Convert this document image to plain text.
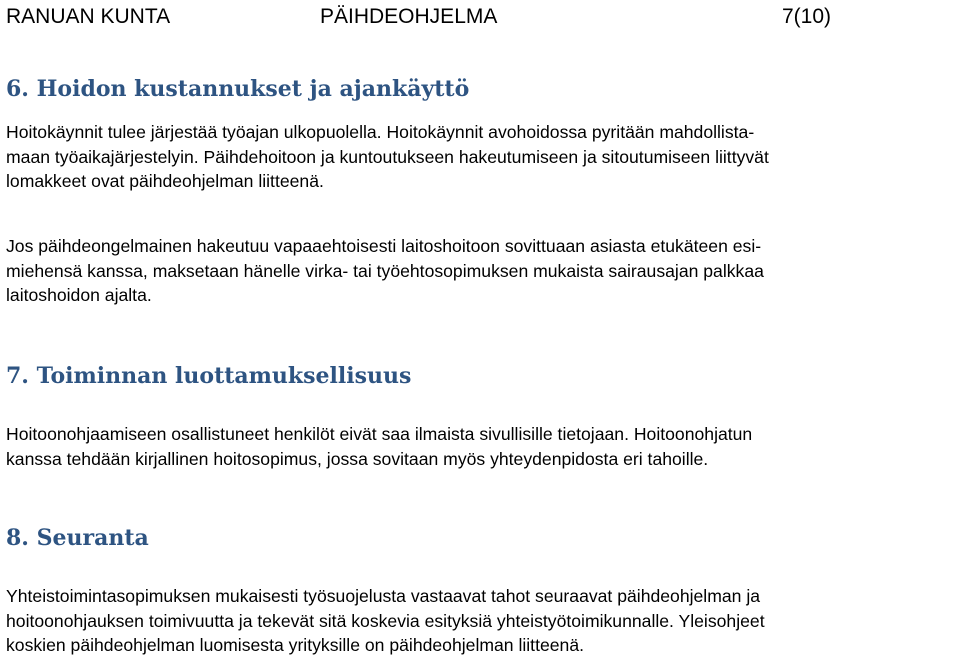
RANUAN KUNTA	PÄIHDEOHJELMA	7(10)
6. Hoidon kustannukset ja ajankäyttö
Hoitokäynnit tulee järjestää työajan ulkopuolella. Hoitokäynnit avohoidossa pyritään mahdollista-
maan työaikajärjestelyin. Päihdehoitoon ja kuntoutukseen hakeutumiseen ja sitoutumiseen liittyvät
lomakkeet ovat päihdeohjelman liitteenä.
Jos päihdeongelmainen hakeutuu vapaaehtoisesti laitoshoitoon sovittuaan asiasta etukäteen esi-
miehensä kanssa, maksetaan hänelle virka- tai työehtosopimuksen mukaista sairausajan palkkaa
laitoshoidon ajalta.
7. Toiminnan luottamuksellisuus
Hoitoonohjaamiseen osallistuneet henkilöt eivät saa ilmaista sivullisille tietojaan. Hoitoonohjatun
kanssa tehdään kirjallinen hoitosopimus, jossa sovitaan myös yhteydenpidosta eri tahoille.
8. Seuranta
Yhteistoimintasopimuksen mukaisesti työsuojelusta vastaavat tahot seuraavat päihdeohjelman ja
hoitoonohjauksen toimivuutta ja tekevät sitä koskevia esityksiä yhteistyötoimikunnalle. Yleisohjeet
koskien päihdeohjelman luomisesta yrityksille on päihdeohjelman liitteenä.
